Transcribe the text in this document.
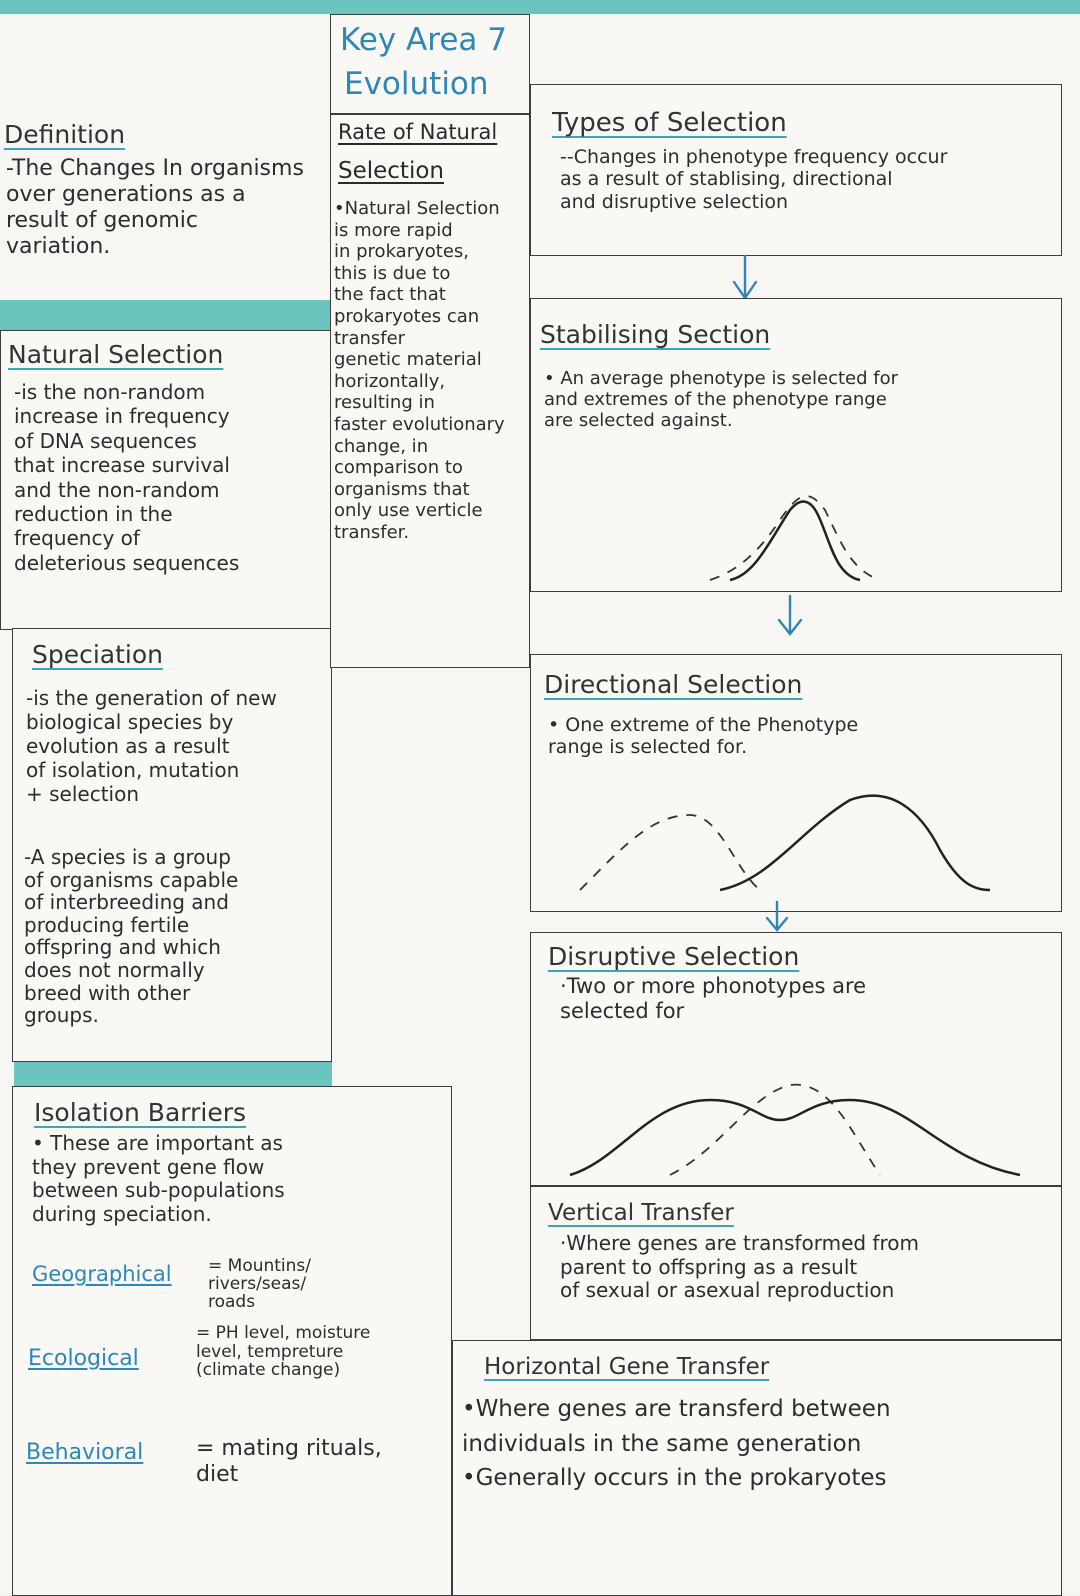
Key Area 7
Evolution
Definition
-The Changes In organisms
over generations as a
result of genomic
variation.
Natural Selection
-is the non-random
increase in frequency
of DNA sequences
that increase survival
and the non-random
reduction in the
frequency of
deleterious sequences
Speciation
-is the generation of new
biological species by
evolution as a result
of isolation, mutation
+ selection
-A species is a group
of organisms capable
of interbreeding and
producing fertile
offspring and which
does not normally
breed with other
groups.
Rate of Natural
Selection
•Natural Selection
is more rapid
in prokaryotes,
this is due to
the fact that
prokaryotes can
transfer
genetic material
horizontally,
resulting in
faster evolutionary
change, in
comparison to
organisms that
only use verticle
transfer.
Types of Selection
--Changes in phenotype frequency occur
as a result of stablising, directional
and disruptive selection
Stabilising Section
• An average phenotype is selected for
and extremes of the phenotype range
are selected against.
Directional Selection
• One extreme of the Phenotype
range is selected for.
Disruptive Selection
·Two or more phonotypes are
selected for
Isolation Barriers
• These are important as
they prevent gene flow
between sub-populations
during speciation.
Geographical = Mountins/
rivers/seas/
roads
Ecological
= PH level, moisture
level, tempreture
(climate change)
Behavioral = mating rituals,
diet
Vertical Transfer
·Where genes are transformed from
parent to offspring as a result
of sexual or asexual reproduction
Horizontal Gene Transfer
•Where genes are transferd between
individuals in the same generation
•Generally occurs in the prokaryotes
